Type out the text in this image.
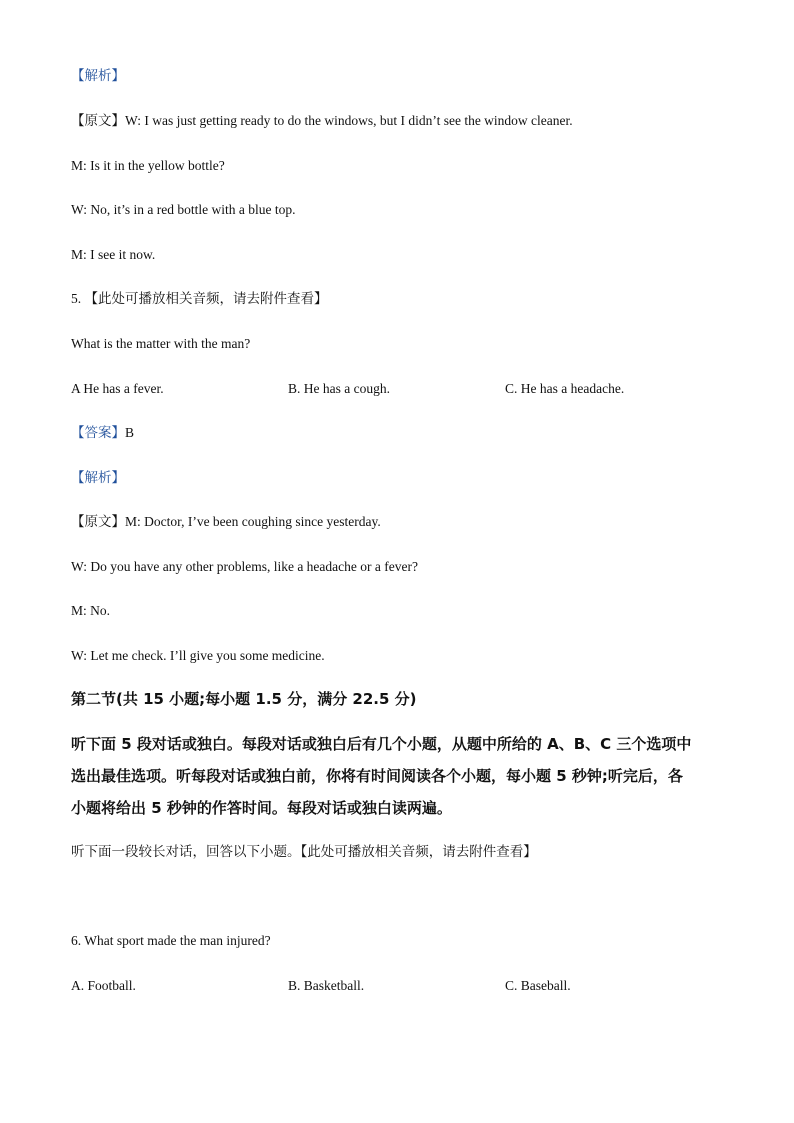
【解析】
【原文】W: I was just getting ready to do the windows, but I didn’t see the window cleaner.
M: Is it in the yellow bottle?
W: No, it’s in a red bottle with a blue top.
M: I see it now.
5. 【此处可播放相关音频，请去附件查看】
What is the matter with the man?
A He has a fever.	B. He has a cough.	C. He has a headache.
【答案】B
【解析】
【原文】M: Doctor, I’ve been coughing since yesterday.
W: Do you have any other problems, like a headache or a fever?
M: No.
W: Let me check. I’ll give you some medicine.
第二节(共 15 小题;每小题 1.5 分，满分 22.5 分)
听下面 5 段对话或独白。每段对话或独白后有几个小题，从题中所给的 A、B、C 三个选项中
选出最佳选项。听每段对话或独白前，你将有时间阅读各个小题，每小题 5 秒钟;听完后，各
小题将给出 5 秒钟的作答时间。每段对话或独白读两遍。
听下面一段较长对话，回答以下小题。【此处可播放相关音频，请去附件查看】
6. What sport made the man injured?
A. Football.	B. Basketball.	C. Baseball.
